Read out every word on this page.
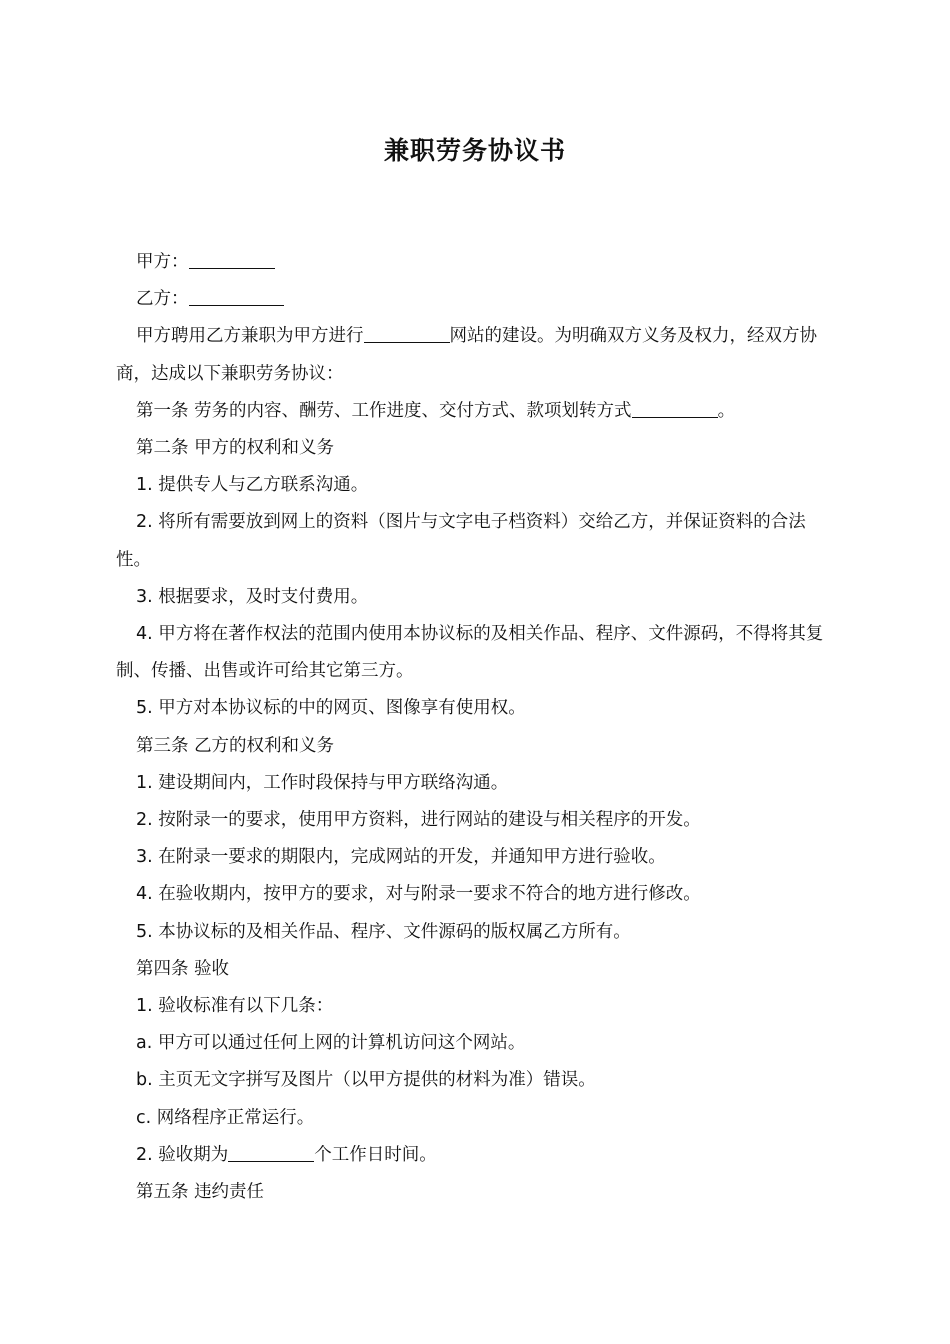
兼职劳务协议书

甲方：

乙方：

甲方聘用乙方兼职为甲方进行	网站的建设。为明确双方义务及权力，经双方协商，达成以下兼职劳务协议：

第一条 劳务的内容、酬劳、工作进度、交付方式、款项划转方式	。

第二条 甲方的权利和义务

1. 提供专人与乙方联系沟通。

2. 将所有需要放到网上的资料（图片与文字电子档资料）交给乙方，并保证资料的合法性。

3. 根据要求，及时支付费用。

4. 甲方将在著作权法的范围内使用本协议标的及相关作品、程序、文件源码，不得将其复制、传播、出售或许可给其它第三方。

5. 甲方对本协议标的中的网页、图像享有使用权。

第三条 乙方的权利和义务

1. 建设期间内，工作时段保持与甲方联络沟通。

2. 按附录一的要求，使用甲方资料，进行网站的建设与相关程序的开发。

3. 在附录一要求的期限内，完成网站的开发，并通知甲方进行验收。

4. 在验收期内，按甲方的要求，对与附录一要求不符合的地方进行修改。

5. 本协议标的及相关作品、程序、文件源码的版权属乙方所有。

第四条 验收

1. 验收标准有以下几条：

a. 甲方可以通过任何上网的计算机访问这个网站。

b. 主页无文字拼写及图片（以甲方提供的材料为准）错误。

c. 网络程序正常运行。

2. 验收期为	个工作日时间。

第五条 违约责任
